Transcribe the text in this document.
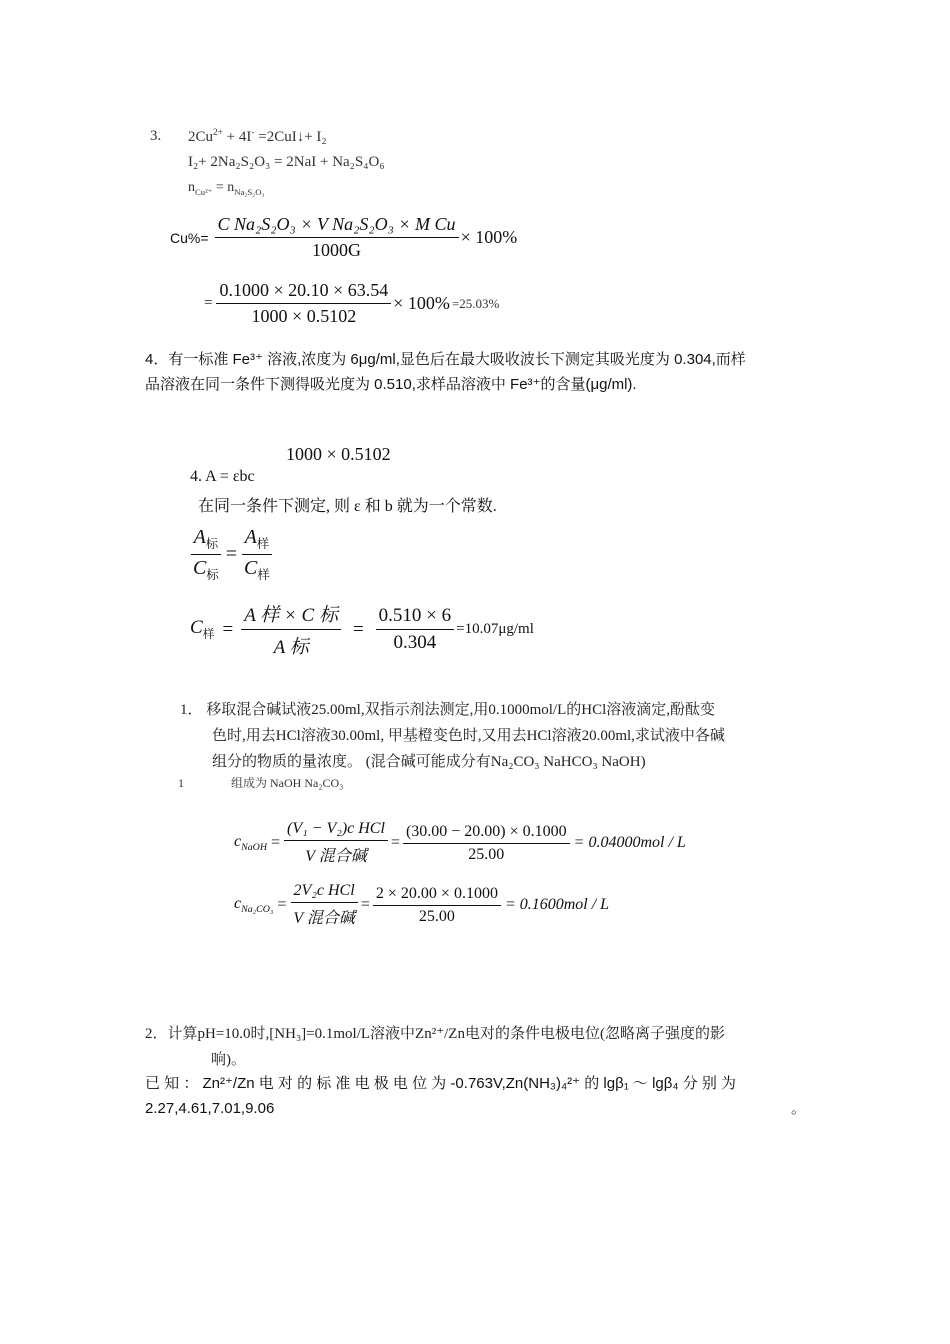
3. $2Cu^{2+} + 4I^-$ =2CuI↓+ I₂
I₂+ 2Na₂S₂O₃ = 2NaI + Na₂S₄O₆
$n_{Cu^{2+}} = n_{Na_2S_2O_3}$
$Cu\%= \frac{\text{C Na₂S₂O₃ × V Na₂S₂O₃ × M Cu}}{1000G} \times 100\%$
= $\frac{0.1000 \times 20.10 \times 63.54}{1000 \times 0.5102} \times 100\% =25.03\%$
4．有一标准 Fe³⁺ 溶液,浓度为 6μg/ml,显色后在最大吸收波长下测定其吸光度为 0.304,而样
品溶液在同一条件下测得吸光度为 0.510,求样品溶液中 Fe³⁺的含量(μg/ml).
1000 × 0.5102
4. A = εbc
在同一条件下测定, 则 ε 和 b 就为一个常数.
$\frac{A_标}{C_标} = \frac{A_样}{C_样}$
$C_样 = \frac{\text{A 样 × C 标}}{\text{A 标}} = \frac{0.510 \times 6}{0.304} =10.07\mu g/ml$
1． 移取混合碱试液25.00ml,双指示剂法测定,用0.1000mol/L的HCl溶液滴定,酚酞变
色时,用去HCl溶液30.00ml, 甲基橙变色时,又用去HCl溶液20.00ml,求试液中各碱
组分的物质的量浓度。 (混合碱可能成分有Na₂CO₃ NaHCO₃ NaOH)
1	组成为 NaOH Na₂CO₃
$c_{NaOH} = \frac{\text{(V₁ − V₂)c HCl}}{\text{V 混合碱}} = \frac{(30.00 - 20.00) \times 0.1000}{25.00} = 0.04000mol / L$
$c_{Na_2CO_3} = \frac{\text{2V₂c HCl}}{\text{V 混合碱}} = \frac{2 \times 20.00 \times 0.1000}{25.00} = 0.1600mol / L$
2．计算pH=10.0时,[NH₃]=0.1mol/L溶液中Zn²⁺/Zn电对的条件电极电位(忽略离子强度的影
响)。
已 知 ： Zn²⁺/Zn 电 对 的 标 准 电 极 电 位 为 -0.763V,Zn(NH₃)₄²⁺ 的 lgβ₁ ～ lgβ₄ 分 别 为
2.27,4.61,7.01,9.06	。
